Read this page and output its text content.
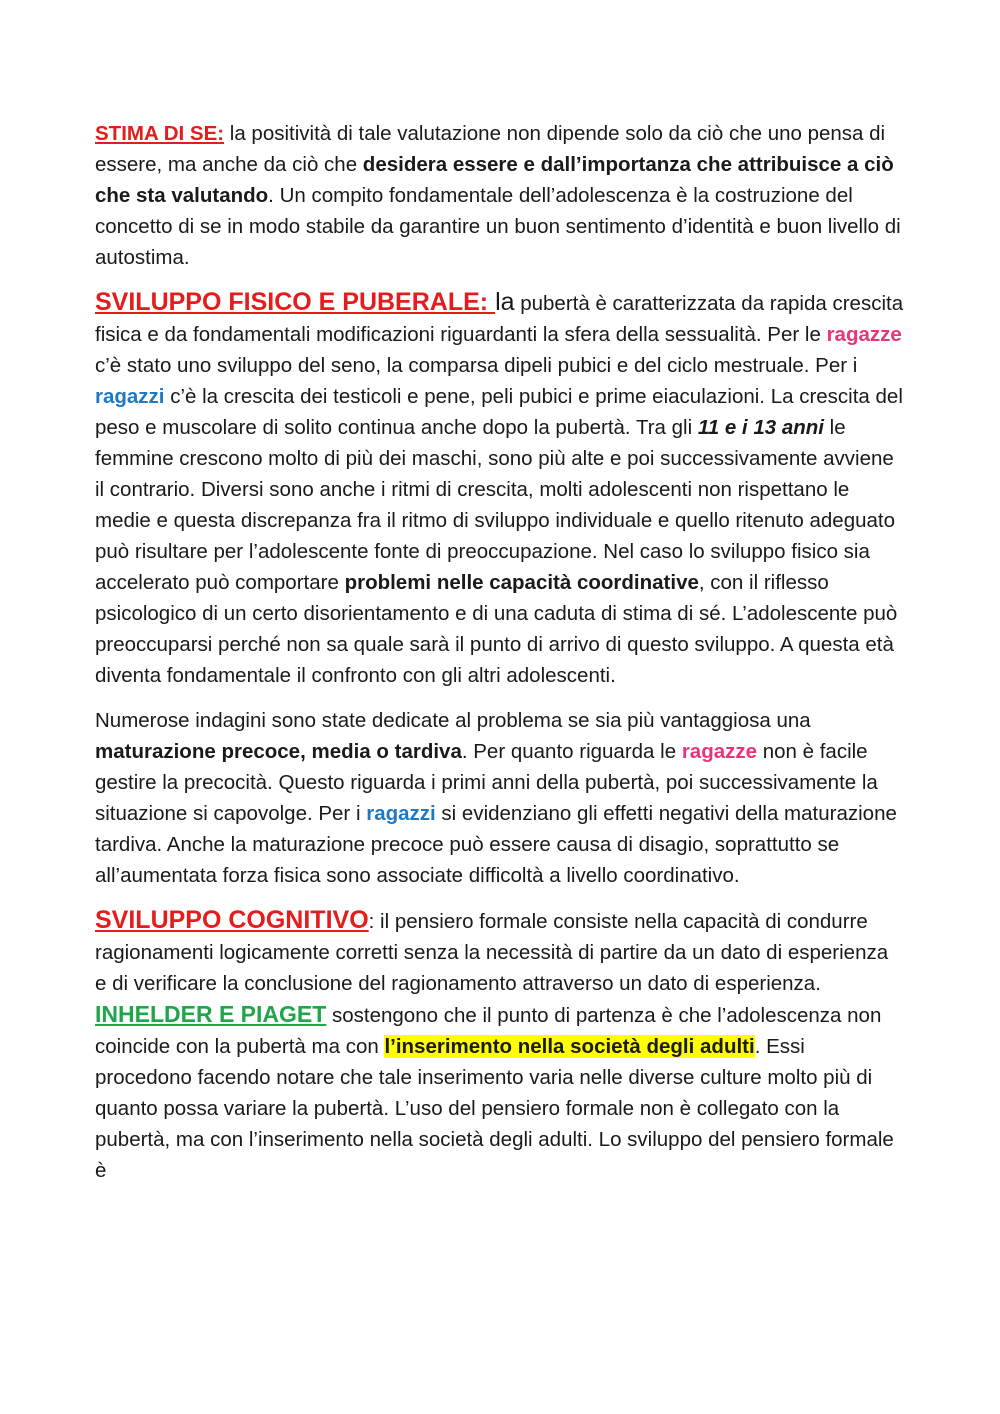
STIMA DI SE: la positività di tale valutazione non dipende solo da ciò che uno pensa di essere, ma anche da ciò che desidera essere e dall’importanza che attribuisce a ciò che sta valutando. Un compito fondamentale dell’adolescenza è la costruzione del concetto di se in modo stabile da garantire un buon sentimento d’identità e buon livello di autostima.

SVILUPPO FISICO E PUBERALE: la pubertà è caratterizzata da rapida crescita fisica e da fondamentali modificazioni riguardanti la sfera della sessualità. Per le ragazze c’è stato uno sviluppo del seno, la comparsa dipeli pubici e del ciclo mestruale. Per i ragazzi c’è la crescita dei testicoli e pene, peli pubici e prime eiaculazioni. La crescita del peso e muscolare di solito continua anche dopo la pubertà. Tra gli 11 e i 13 anni le femmine crescono molto di più dei maschi, sono più alte e poi successivamente avviene il contrario. Diversi sono anche i ritmi di crescita, molti adolescenti non rispettano le medie e questa discrepanza fra il ritmo di sviluppo individuale e quello ritenuto adeguato può risultare per l’adolescente fonte di preoccupazione. Nel caso lo sviluppo fisico sia accelerato può comportare problemi nelle capacità coordinative, con il riflesso psicologico di un certo disorientamento e di una caduta di stima di sé. L’adolescente può preoccuparsi perché non sa quale sarà il punto di arrivo di questo sviluppo. A questa età diventa fondamentale il confronto con gli altri adolescenti.

Numerose indagini sono state dedicate al problema se sia più vantaggiosa una maturazione precoce, media o tardiva. Per quanto riguarda le ragazze non è facile gestire la precocità. Questo riguarda i primi anni della pubertà, poi successivamente la situazione si capovolge. Per i ragazzi si evidenziano gli effetti negativi della maturazione tardiva. Anche la maturazione precoce può essere causa di disagio, soprattutto se all’aumentata forza fisica sono associate difficoltà a livello coordinativo.

SVILUPPO COGNITIVO: il pensiero formale consiste nella capacità di condurre ragionamenti logicamente corretti senza la necessità di partire da un dato di esperienza e di verificare la conclusione del ragionamento attraverso un dato di esperienza. INHELDER E PIAGET sostengono che il punto di partenza è che l’adolescenza non coincide con la pubertà ma con l’inserimento nella società degli adulti. Essi procedono facendo notare che tale inserimento varia nelle diverse culture molto più di quanto possa variare la pubertà. L’uso del pensiero formale non è collegato con la pubertà, ma con l’inserimento nella società degli adulti. Lo sviluppo del pensiero formale è
